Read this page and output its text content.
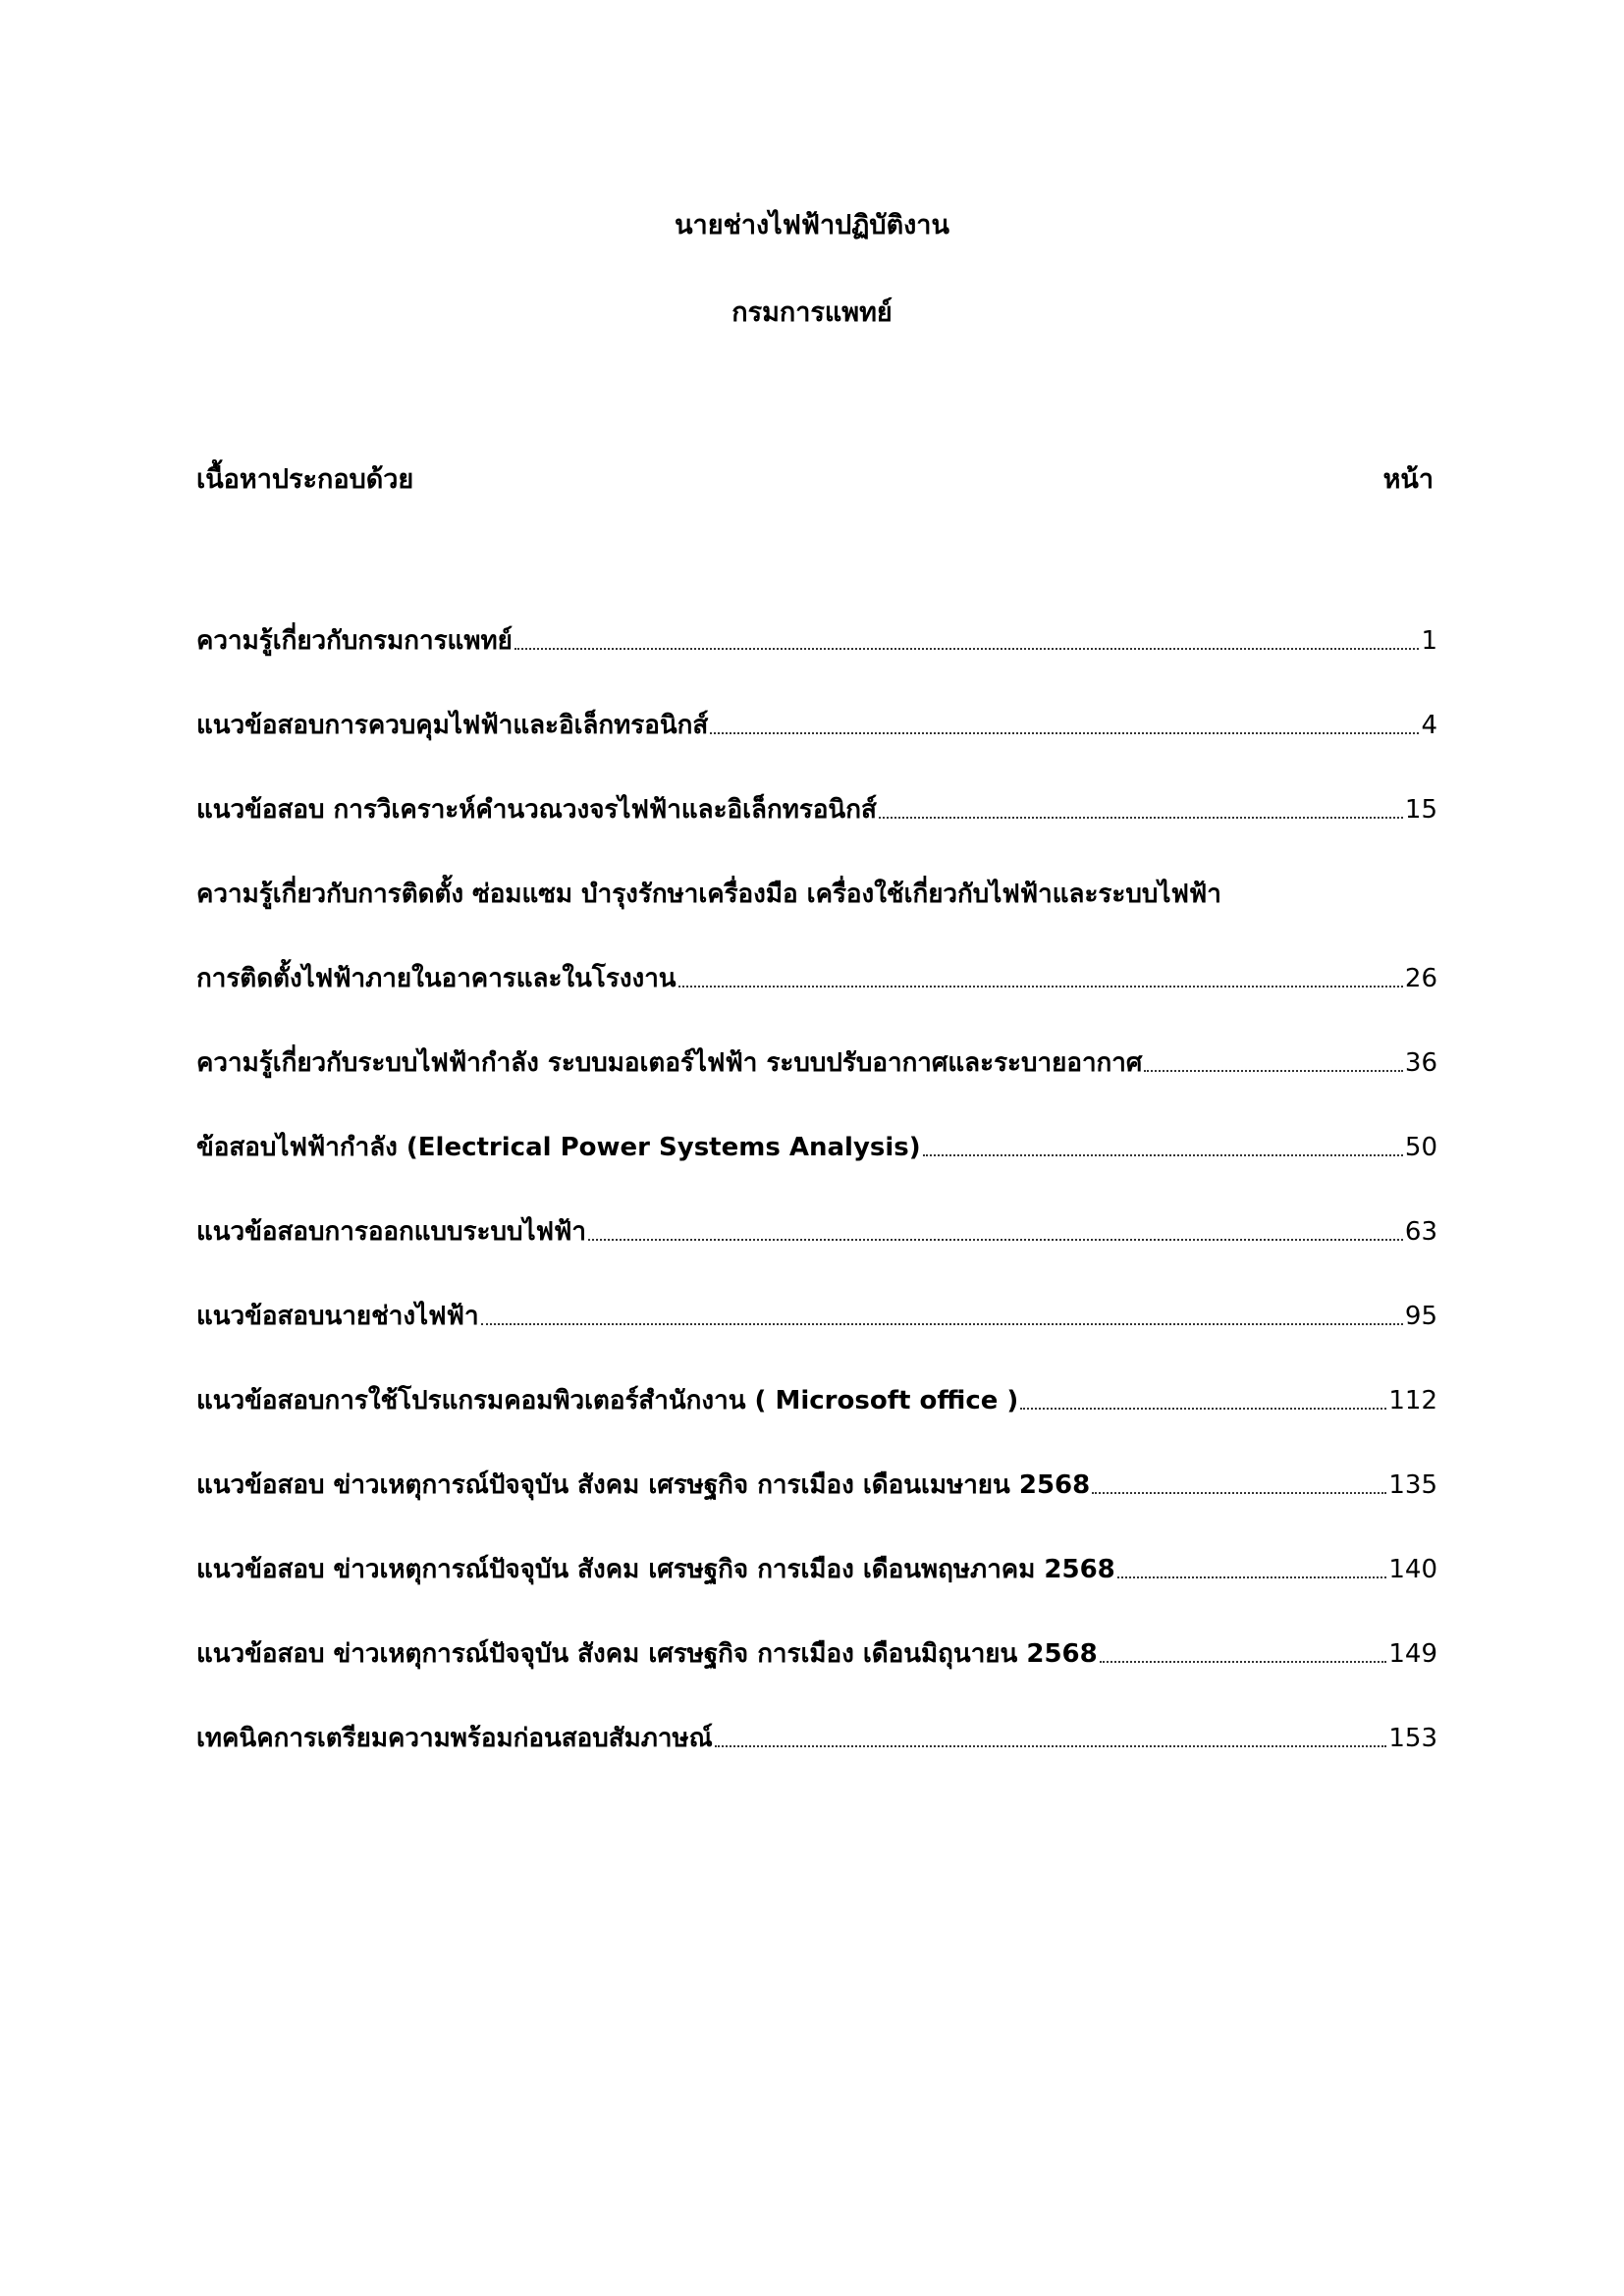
นายช่างไฟฟ้าปฏิบัติงาน
กรมการแพทย์
เนื้อหาประกอบด้วย	หน้า
ความรู้เกี่ยวกับกรมการแพทย์	1
แนวข้อสอบการควบคุมไฟฟ้าและอิเล็กทรอนิกส์	4
แนวข้อสอบ การวิเคราะห์คำนวณวงจรไฟฟ้าและอิเล็กทรอนิกส์	15
ความรู้เกี่ยวกับการติดตั้ง ซ่อมแซม บำรุงรักษาเครื่องมือ เครื่องใช้เกี่ยวกับไฟฟ้าและระบบไฟฟ้า
การติดตั้งไฟฟ้าภายในอาคารและในโรงงาน	26
ความรู้เกี่ยวกับระบบไฟฟ้ากำลัง ระบบมอเตอร์ไฟฟ้า ระบบปรับอากาศและระบายอากาศ	36
ข้อสอบไฟฟ้ากำลัง (Electrical Power Systems Analysis)	50
แนวข้อสอบการออกแบบระบบไฟฟ้า	63
แนวข้อสอบนายช่างไฟฟ้า	95
แนวข้อสอบการใช้โปรแกรมคอมพิวเตอร์สำนักงาน ( Microsoft office )	112
แนวข้อสอบ ข่าวเหตุการณ์ปัจจุบัน สังคม เศรษฐกิจ การเมือง เดือนเมษายน 2568	135
แนวข้อสอบ ข่าวเหตุการณ์ปัจจุบัน สังคม เศรษฐกิจ การเมือง เดือนพฤษภาคม 2568	140
แนวข้อสอบ ข่าวเหตุการณ์ปัจจุบัน สังคม เศรษฐกิจ การเมือง เดือนมิถุนายน 2568	149
เทคนิคการเตรียมความพร้อมก่อนสอบสัมภาษณ์	153
